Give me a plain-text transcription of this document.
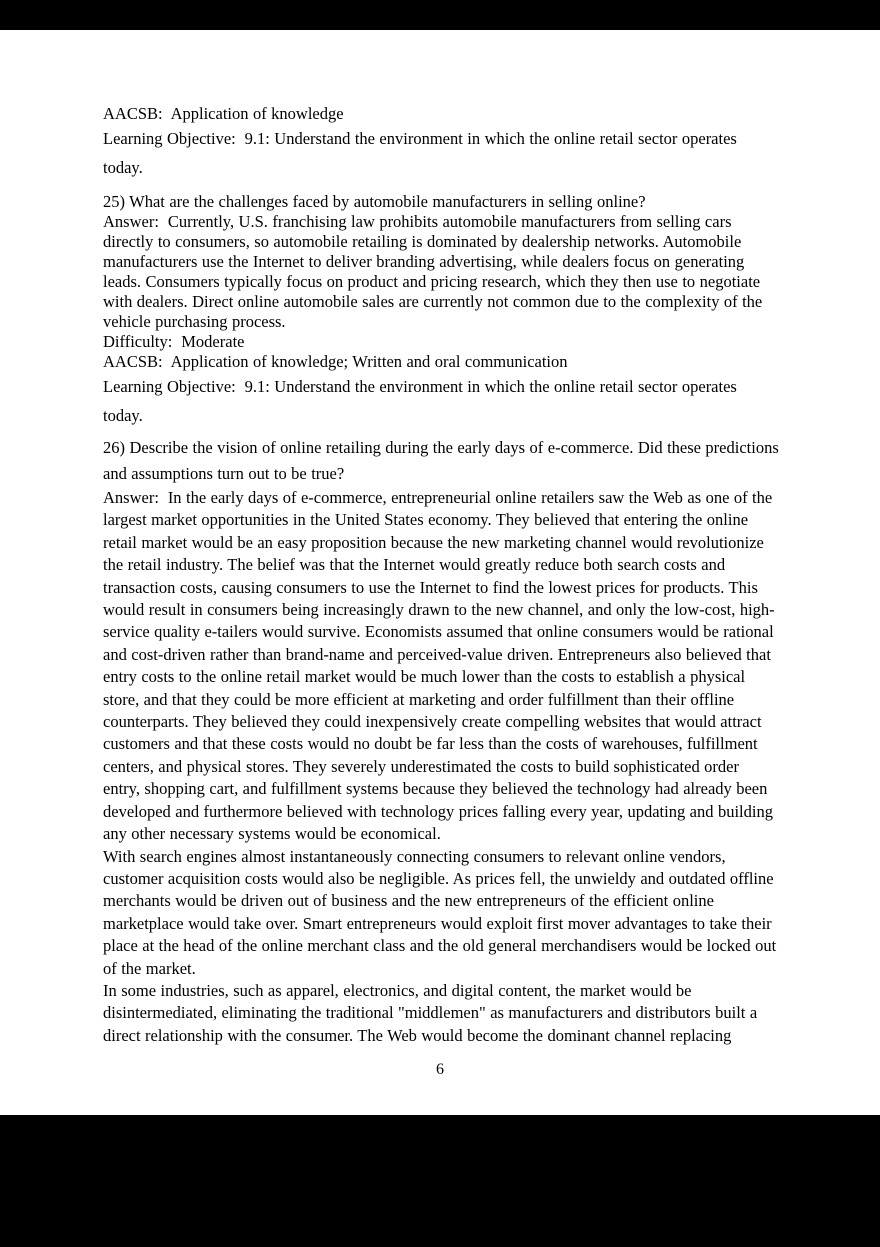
AACSB:  Application of knowledge

Learning Objective:  9.1: Understand the environment in which the online retail sector operates today.

25) What are the challenges faced by automobile manufacturers in selling online?

Answer:  Currently, U.S. franchising law prohibits automobile manufacturers from selling cars directly to consumers, so automobile retailing is dominated by dealership networks. Automobile manufacturers use the Internet to deliver branding advertising, while dealers focus on generating leads. Consumers typically focus on product and pricing research, which they then use to negotiate with dealers. Direct online automobile sales are currently not common due to the complexity of the vehicle purchasing process.

Difficulty:  Moderate

AACSB:  Application of knowledge; Written and oral communication

Learning Objective:  9.1: Understand the environment in which the online retail sector operates today.

26) Describe the vision of online retailing during the early days of e-commerce. Did these predictions and assumptions turn out to be true?

Answer:  In the early days of e-commerce, entrepreneurial online retailers saw the Web as one of the largest market opportunities in the United States economy. They believed that entering the online retail market would be an easy proposition because the new marketing channel would revolutionize the retail industry. The belief was that the Internet would greatly reduce both search costs and transaction costs, causing consumers to use the Internet to find the lowest prices for products. This would result in consumers being increasingly drawn to the new channel, and only the low-cost, high-service quality e-tailers would survive. Economists assumed that online consumers would be rational and cost-driven rather than brand-name and perceived-value driven. Entrepreneurs also believed that entry costs to the online retail market would be much lower than the costs to establish a physical store, and that they could be more efficient at marketing and order fulfillment than their offline counterparts. They believed they could inexpensively create compelling websites that would attract customers and that these costs would no doubt be far less than the costs of warehouses, fulfillment centers, and physical stores. They severely underestimated the costs to build sophisticated order entry, shopping cart, and fulfillment systems because they believed the technology had already been developed and furthermore believed with technology prices falling every year, updating and building any other necessary systems would be economical.

With search engines almost instantaneously connecting consumers to relevant online vendors, customer acquisition costs would also be negligible. As prices fell, the unwieldy and outdated offline merchants would be driven out of business and the new entrepreneurs of the efficient online marketplace would take over. Smart entrepreneurs would exploit first mover advantages to take their place at the head of the online merchant class and the old general merchandisers would be locked out of the market.

In some industries, such as apparel, electronics, and digital content, the market would be disintermediated, eliminating the traditional "middlemen" as manufacturers and distributors built a direct relationship with the consumer. The Web would become the dominant channel replacing

6
